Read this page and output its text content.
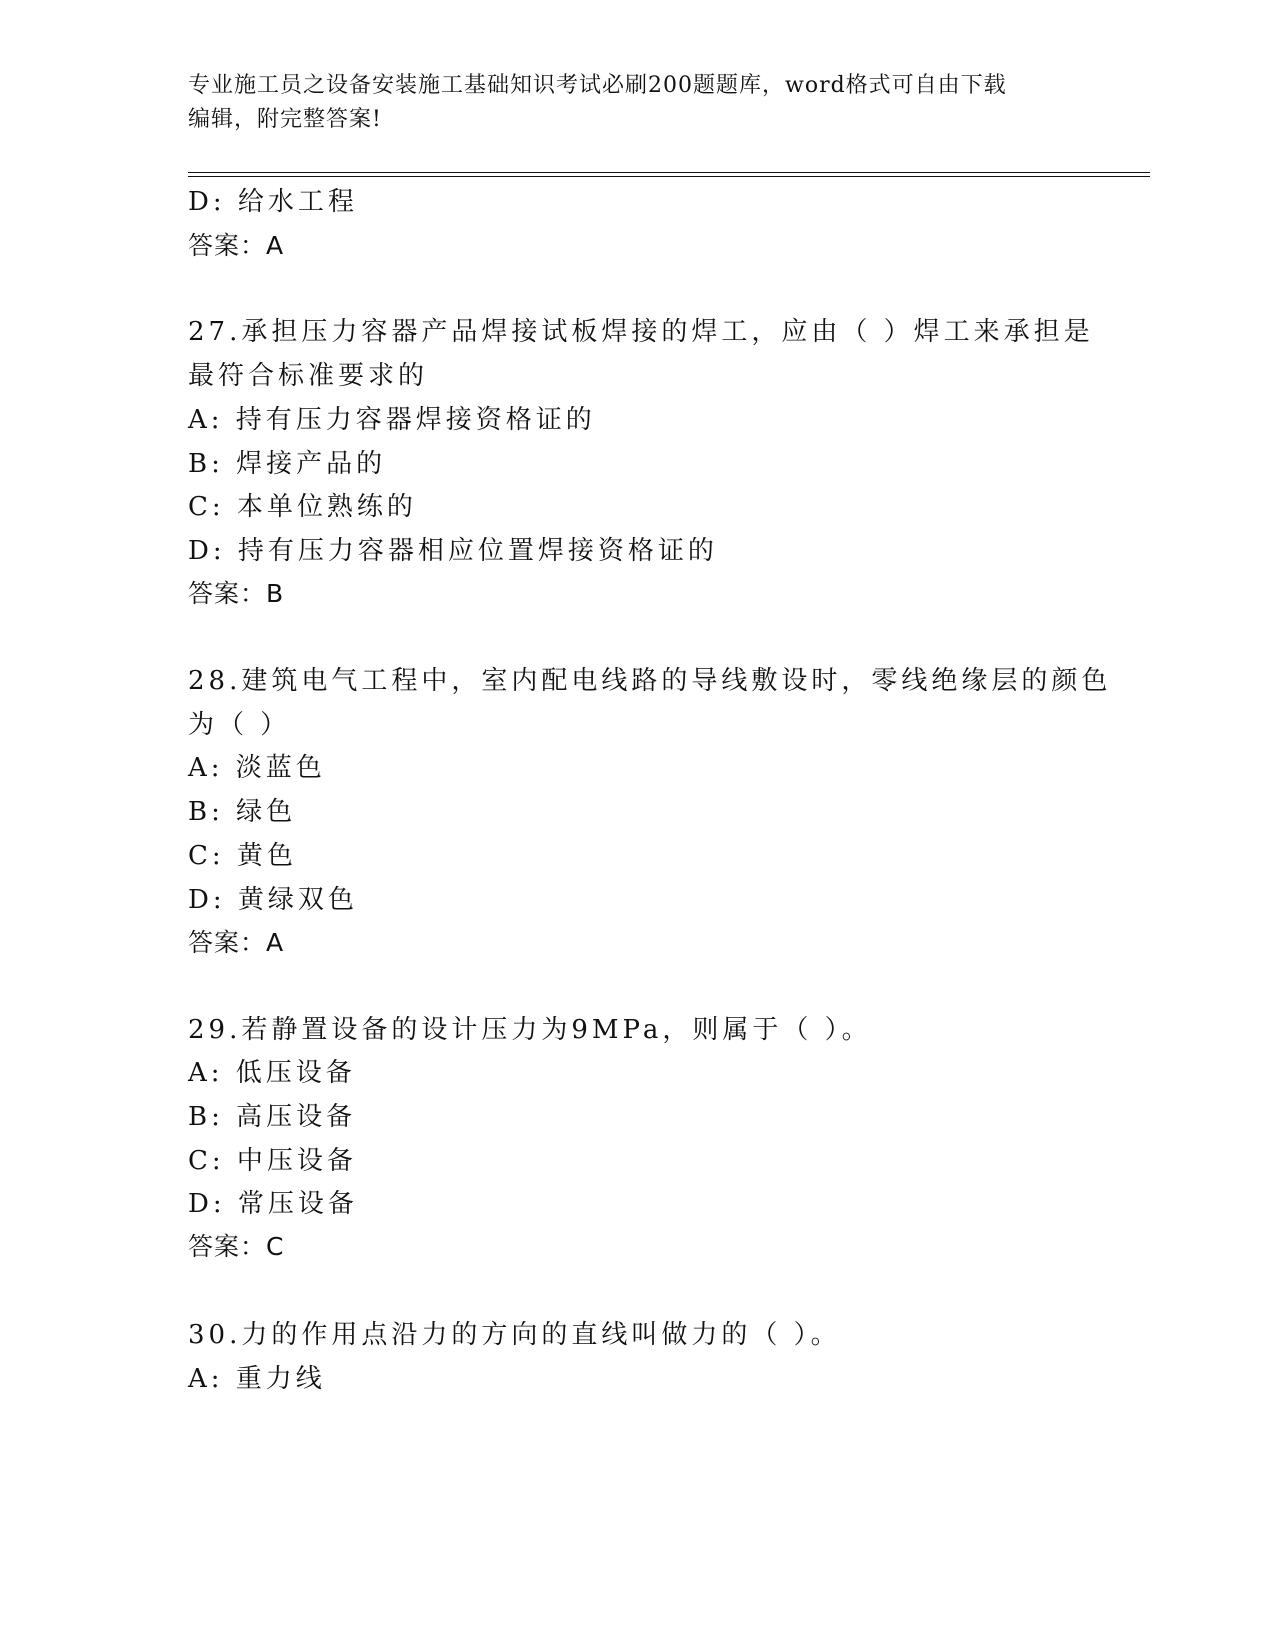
专业施工员之设备安装施工基础知识考试必刷200题题库，word格式可自由下载
编辑，附完整答案!
D: 给水工程
答案：A
27.承担压力容器产品焊接试板焊接的焊工，应由（ ）焊工来承担是
最符合标准要求的
A: 持有压力容器焊接资格证的
B: 焊接产品的
C: 本单位熟练的
D: 持有压力容器相应位置焊接资格证的
答案：B
28.建筑电气工程中，室内配电线路的导线敷设时，零线绝缘层的颜色
为（ ）
A: 淡蓝色
B: 绿色
C: 黄色
D: 黄绿双色
答案：A
29.若静置设备的设计压力为9MPa，则属于（ ）。
A: 低压设备
B: 高压设备
C: 中压设备
D: 常压设备
答案：C
30.力的作用点沿力的方向的直线叫做力的（ ）。
A: 重力线
